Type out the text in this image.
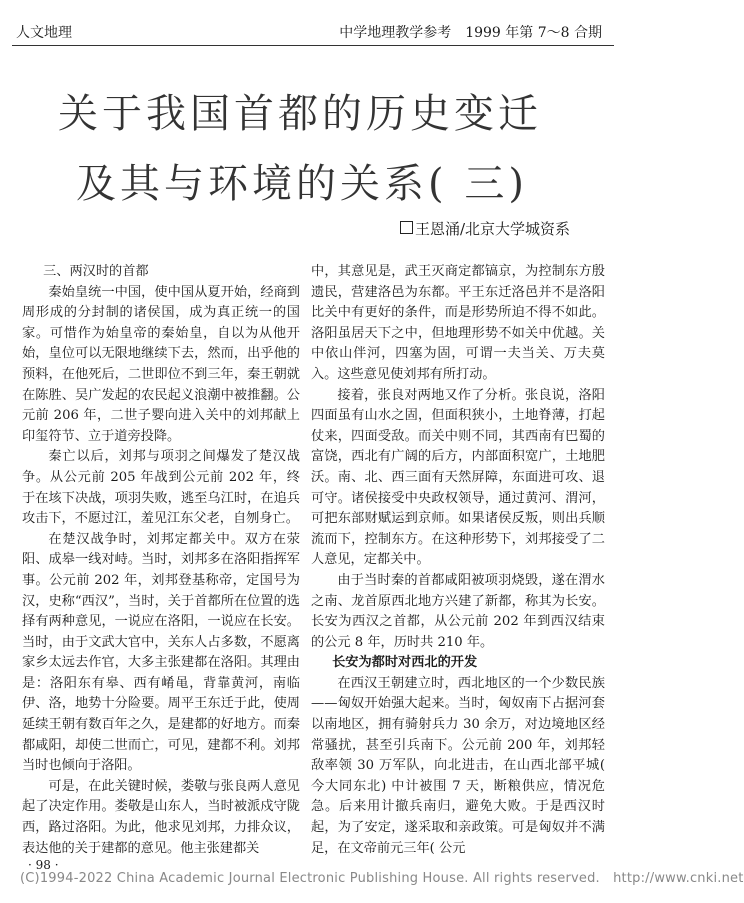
人文地理	中学地理教学参考　1999 年第 7～8 合期
关于我国首都的历史变迁
及其与环境的关系( 三)
王恩涌/北京大学城资系

三、两汉时的首都

秦始皇统一中国，使中国从夏开始，经商到周形成的分封制的诸侯国，成为真正统一的国家。可惜作为始皇帝的秦始皇，自以为从他开始，皇位可以无限地继续下去，然而，出乎他的预料，在他死后，二世即位不到三年，秦王朝就在陈胜、吴广发起的农民起义浪潮中被推翻。公元前 206 年，二世子婴向进入关中的刘邦献上印玺符节、立于道旁投降。

秦亡以后，刘邦与项羽之间爆发了楚汉战争。从公元前 205 年战到公元前 202 年，终于在垓下决战，项羽失败，逃至乌江时，在追兵攻击下，不愿过江，羞见江东父老，自刎身亡。

在楚汉战争时，刘邦定都关中。双方在荥阳、成皋一线对峙。当时，刘邦多在洛阳指挥军事。公元前 202 年，刘邦登基称帝，定国号为汉，史称“西汉”，当时，关于首都所在位置的选择有两种意见，一说应在洛阳，一说应在长安。当时，由于文武大官中，关东人占多数，不愿离家乡太远去作官，大多主张建都在洛阳。其理由是：洛阳东有皋、西有崤黾，背靠黄河，南临伊、洛，地势十分险要。周平王东迁于此，使周延续王朝有数百年之久，是建都的好地方。而秦都咸阳，却使二世而亡，可见，建都不利。刘邦当时也倾向于洛阳。

可是，在此关键时候，娄敬与张良两人意见起了决定作用。娄敬是山东人，当时被派戍守陇西，路过洛阳。为此，他求见刘邦，力排众议，表达他的关于建都的意见。他主张建都关

中，其意见是，武王灭商定都镐京，为控制东方殷遗民，营建洛邑为东都。平王东迁洛邑并不是洛阳比关中有更好的条件，而是形势所迫不得不如此。洛阳虽居天下之中，但地理形势不如关中优越。关中依山伴河，四塞为固，可谓一夫当关、万夫莫入。这些意见使刘邦有所打动。

接着，张良对两地又作了分析。张良说，洛阳四面虽有山水之固，但面积狭小，土地脊薄，打起仗来，四面受敌。而关中则不同，其西南有巴蜀的富饶，西北有广阔的后方，内部面积宽广，土地肥沃。南、北、西三面有天然屏障，东面进可攻、退可守。诸侯接受中央政权领导，通过黄河、渭河，可把东部财赋运到京师。如果诸侯反叛，则出兵顺流而下，控制东方。在这种形势下，刘邦接受了二人意见，定都关中。

由于当时秦的首都咸阳被项羽烧毁，遂在渭水之南、龙首原西北地方兴建了新都，称其为长安。长安为西汉之首都，从公元前 202 年到西汉结束的公元 8 年，历时共 210 年。

长安为都时对西北的开发

在西汉王朝建立时，西北地区的一个少数民族——匈奴开始强大起来。当时，匈奴南下占据河套以南地区，拥有骑射兵力 30 余万，对边境地区经常骚扰，甚至引兵南下。公元前 200 年，刘邦轻敌率领 30 万军队，向北进击，在山西北部平城( 今大同东北) 中计被围 7 天，断粮供应，情况危急。后来用计撤兵南归，避免大败。于是西汉时起，为了安定，遂采取和亲政策。可是匈奴并不满足，在文帝前元三年( 公元

· 98 ·
(C)1994-2022 China Academic Journal Electronic Publishing House. All rights reserved.　http://www.cnki.net
